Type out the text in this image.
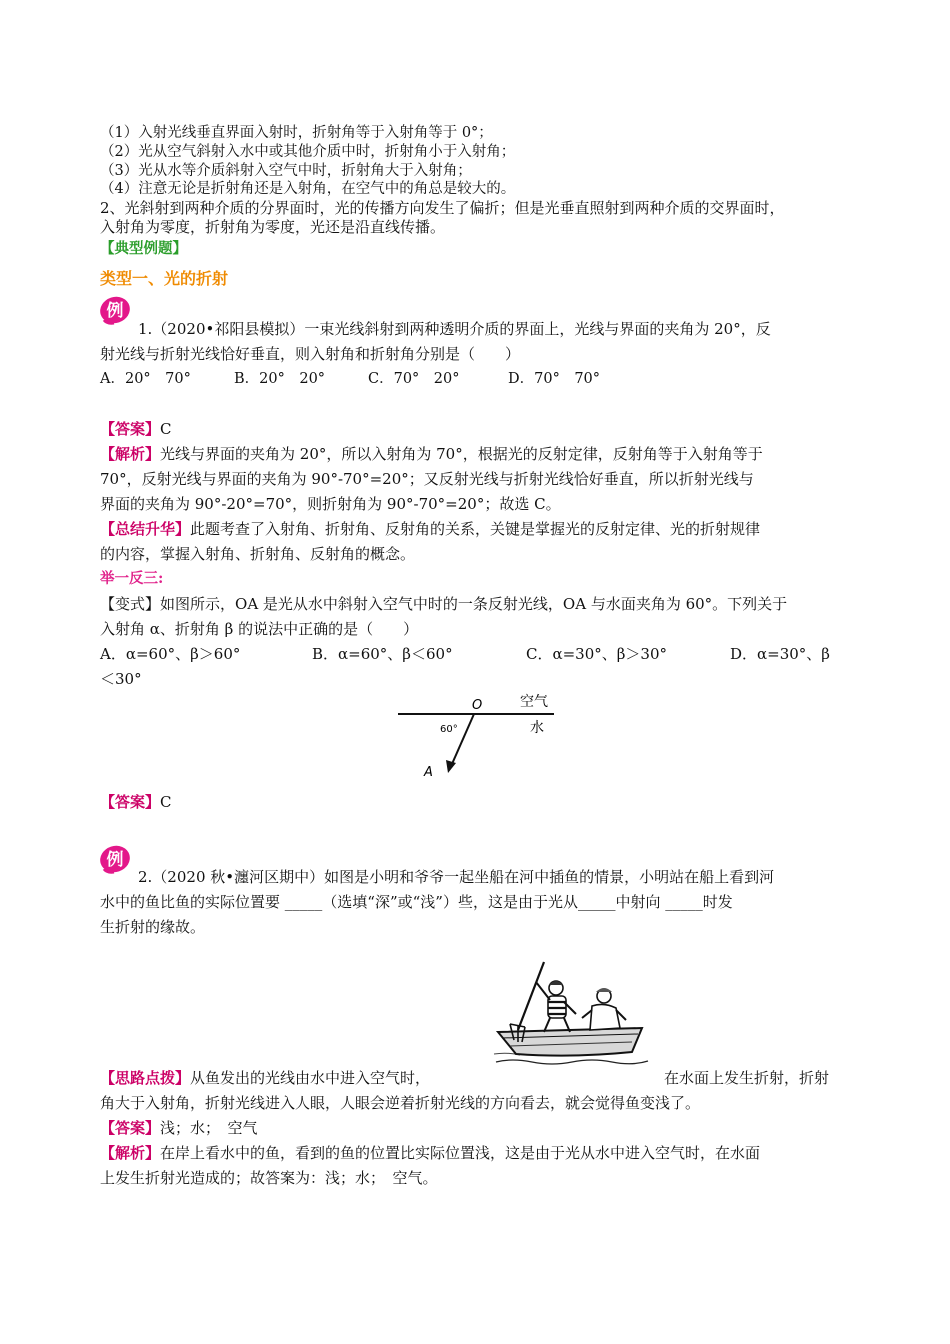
（1）入射光线垂直界面入射时，折射角等于入射角等于 0°；
（2）光从空气斜射入水中或其他介质中时，折射角小于入射角；
（3）光从水等介质斜射入空气中时，折射角大于入射角；
（4）注意无论是折射角还是入射角，在空气中的角总是较大的。
2、光斜射到两种介质的分界面时，光的传播方向发生了偏折；但是光垂直照射到两种介质的交界面时，
入射角为零度，折射角为零度，光还是沿直线传播。
【典型例题】
类型一、光的折射
例
1.（2020•祁阳县模拟）一束光线斜射到两种透明介质的界面上，光线与界面的夹角为 20°，反
射光线与折射光线恰好垂直，则入射角和折射角分别是（　　）
A．20°　70°	B．20°　20°	C．70°　20°	D．70°　70°
【答案】C
【解析】光线与界面的夹角为 20°，所以入射角为 70°，根据光的反射定律，反射角等于入射角等于
70°，反射光线与界面的夹角为 90°-70°=20°；又反射光线与折射光线恰好垂直，所以折射光线与
界面的夹角为 90°-20°=70°，则折射角为 90°-70°=20°；故选 C。
【总结升华】此题考查了入射角、折射角、反射角的关系，关键是掌握光的反射定律、光的折射规律
的内容，掌握入射角、折射角、反射角的概念。
举一反三:
【变式】如图所示，OA 是光从水中斜射入空气中时的一条反射光线，OA 与水面夹角为 60°。下列关于
入射角 α、折射角 β 的说法中正确的是（　　）
A．α=60°、β＞60°	B．α=60°、β＜60°	C．α=30°、β＞30°	D．α=30°、β
＜30°
O	空气
水
60°
A
【答案】C
例
2.（2020 秋•瀍河区期中）如图是小明和爷爷一起坐船在河中插鱼的情景，小明站在船上看到河
水中的鱼比鱼的实际位置要 _____（选填“深”或“浅”）些，这是由于光从_____中射向 _____时发
生折射的缘故。
【思路点拨】从鱼发出的光线由水中进入空气时，	在水面上发生折射，折射
角大于入射角，折射光线进入人眼，人眼会逆着折射光线的方向看去，就会觉得鱼变浅了。
【答案】浅；水；　空气
【解析】在岸上看水中的鱼，看到的鱼的位置比实际位置浅，这是由于光从水中进入空气时，在水面
上发生折射光造成的；故答案为：浅；水；　空气。
